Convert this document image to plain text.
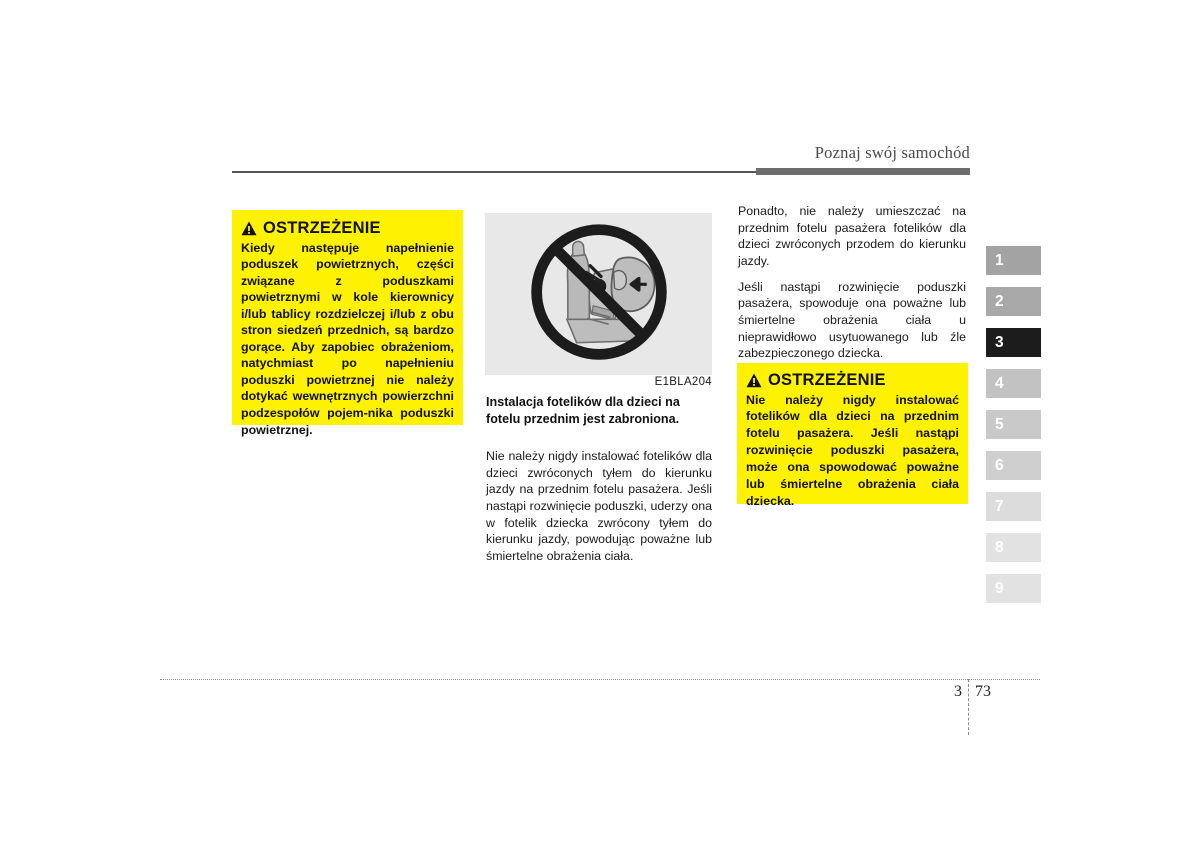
Poznaj swój samochód
OSTRZEŻENIE
Kiedy następuje napełnienie poduszek powietrznych, części związane z poduszkami powietrznymi w kole kierownicy i/lub tablicy rozdzielczej i/lub z obu stron siedzeń przednich, są bardzo gorące. Aby zapobiec obrażeniom, natychmiast po napełnieniu poduszki powietrznej nie należy dotykać wewnętrznych powierzchni podzespołów pojem-nika poduszki powietrznej.
E1BLA204
Instalacja fotelików dla dzieci na fotelu przednim jest zabroniona.
Nie należy nigdy instalować fotelików dla dzieci zwróconych tyłem do kierunku jazdy na przednim fotelu pasażera. Jeśli nastąpi rozwinięcie poduszki, uderzy ona w fotelik dziecka zwrócony tyłem do kierunku jazdy, powodując poważne lub śmiertelne obrażenia ciała.

Ponadto, nie należy umieszczać na przednim fotelu pasażera fotelików dla dzieci zwróconych przodem do kierunku jazdy.

Jeśli nastąpi rozwinięcie poduszki pasażera, spowoduje ona poważne lub śmiertelne obrażenia ciała u nieprawidłowo usytuowanego lub źle zabezpieczonego dziecka.

OSTRZEŻENIE
Nie należy nigdy instalować fotelików dla dzieci na przednim fotelu pasażera. Jeśli nastąpi rozwinięcie poduszki pasażera, może ona spowodować poważne lub śmiertelne obrażenia ciała dziecka.
1
2
3
4
5
6
7
8
9
3 73
